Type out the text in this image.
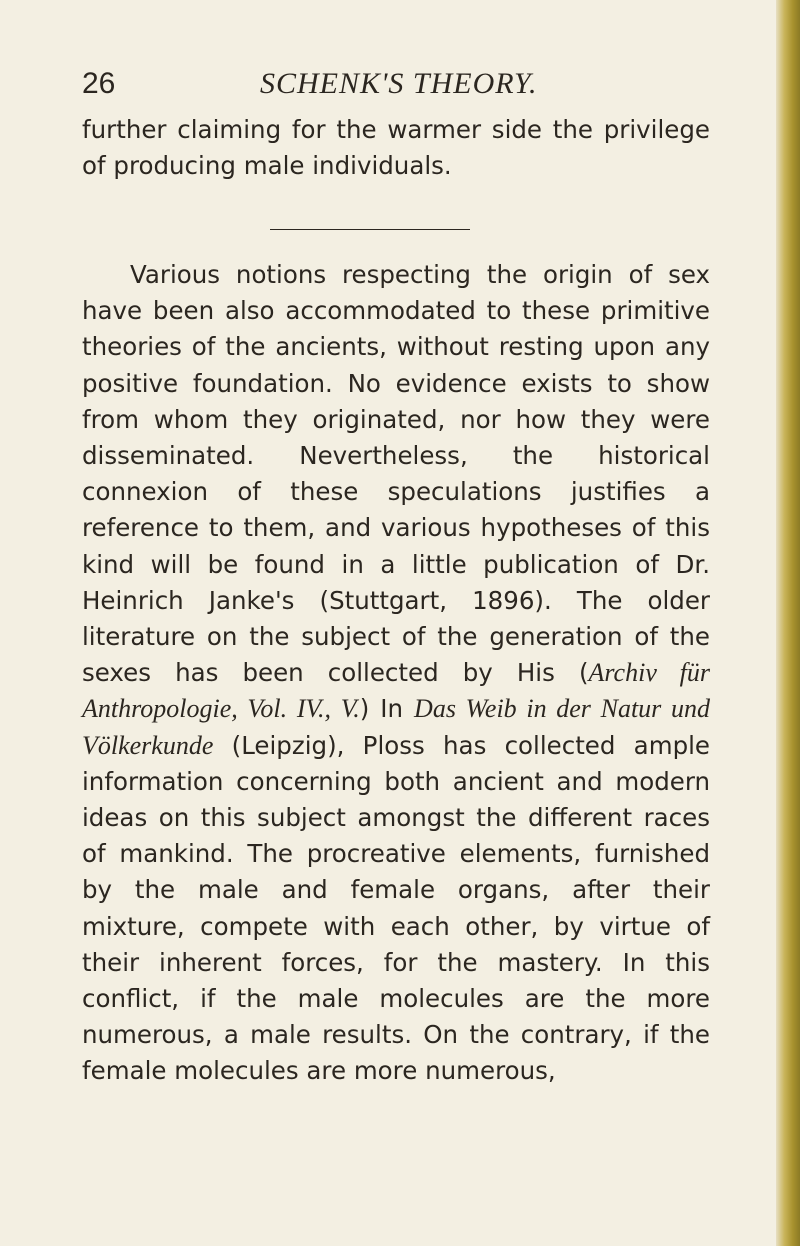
26	SCHENK'S THEORY.

further claiming for the warmer side the privilege of producing male individuals.

Various notions respecting the origin of sex have been also accommodated to these primitive theories of the ancients, without resting upon any positive foundation. No evidence exists to show from whom they originated, nor how they were disseminated. Nevertheless, the historical connexion of these speculations justifies a reference to them, and various hypotheses of this kind will be found in a little publication of Dr. Heinrich Janke's (Stuttgart, 1896). The older literature on the subject of the generation of the sexes has been collected by His (Archiv für Anthropologie, Vol. IV., V.) In Das Weib in der Natur und Völkerkunde (Leipzig), Ploss has collected ample information concerning both ancient and modern ideas on this subject amongst the different races of mankind. The procreative elements, furnished by the male and female organs, after their mixture, compete with each other, by virtue of their inherent forces, for the mastery. In this conflict, if the male molecules are the more numerous, a male results. On the contrary, if the female molecules are more numerous,
